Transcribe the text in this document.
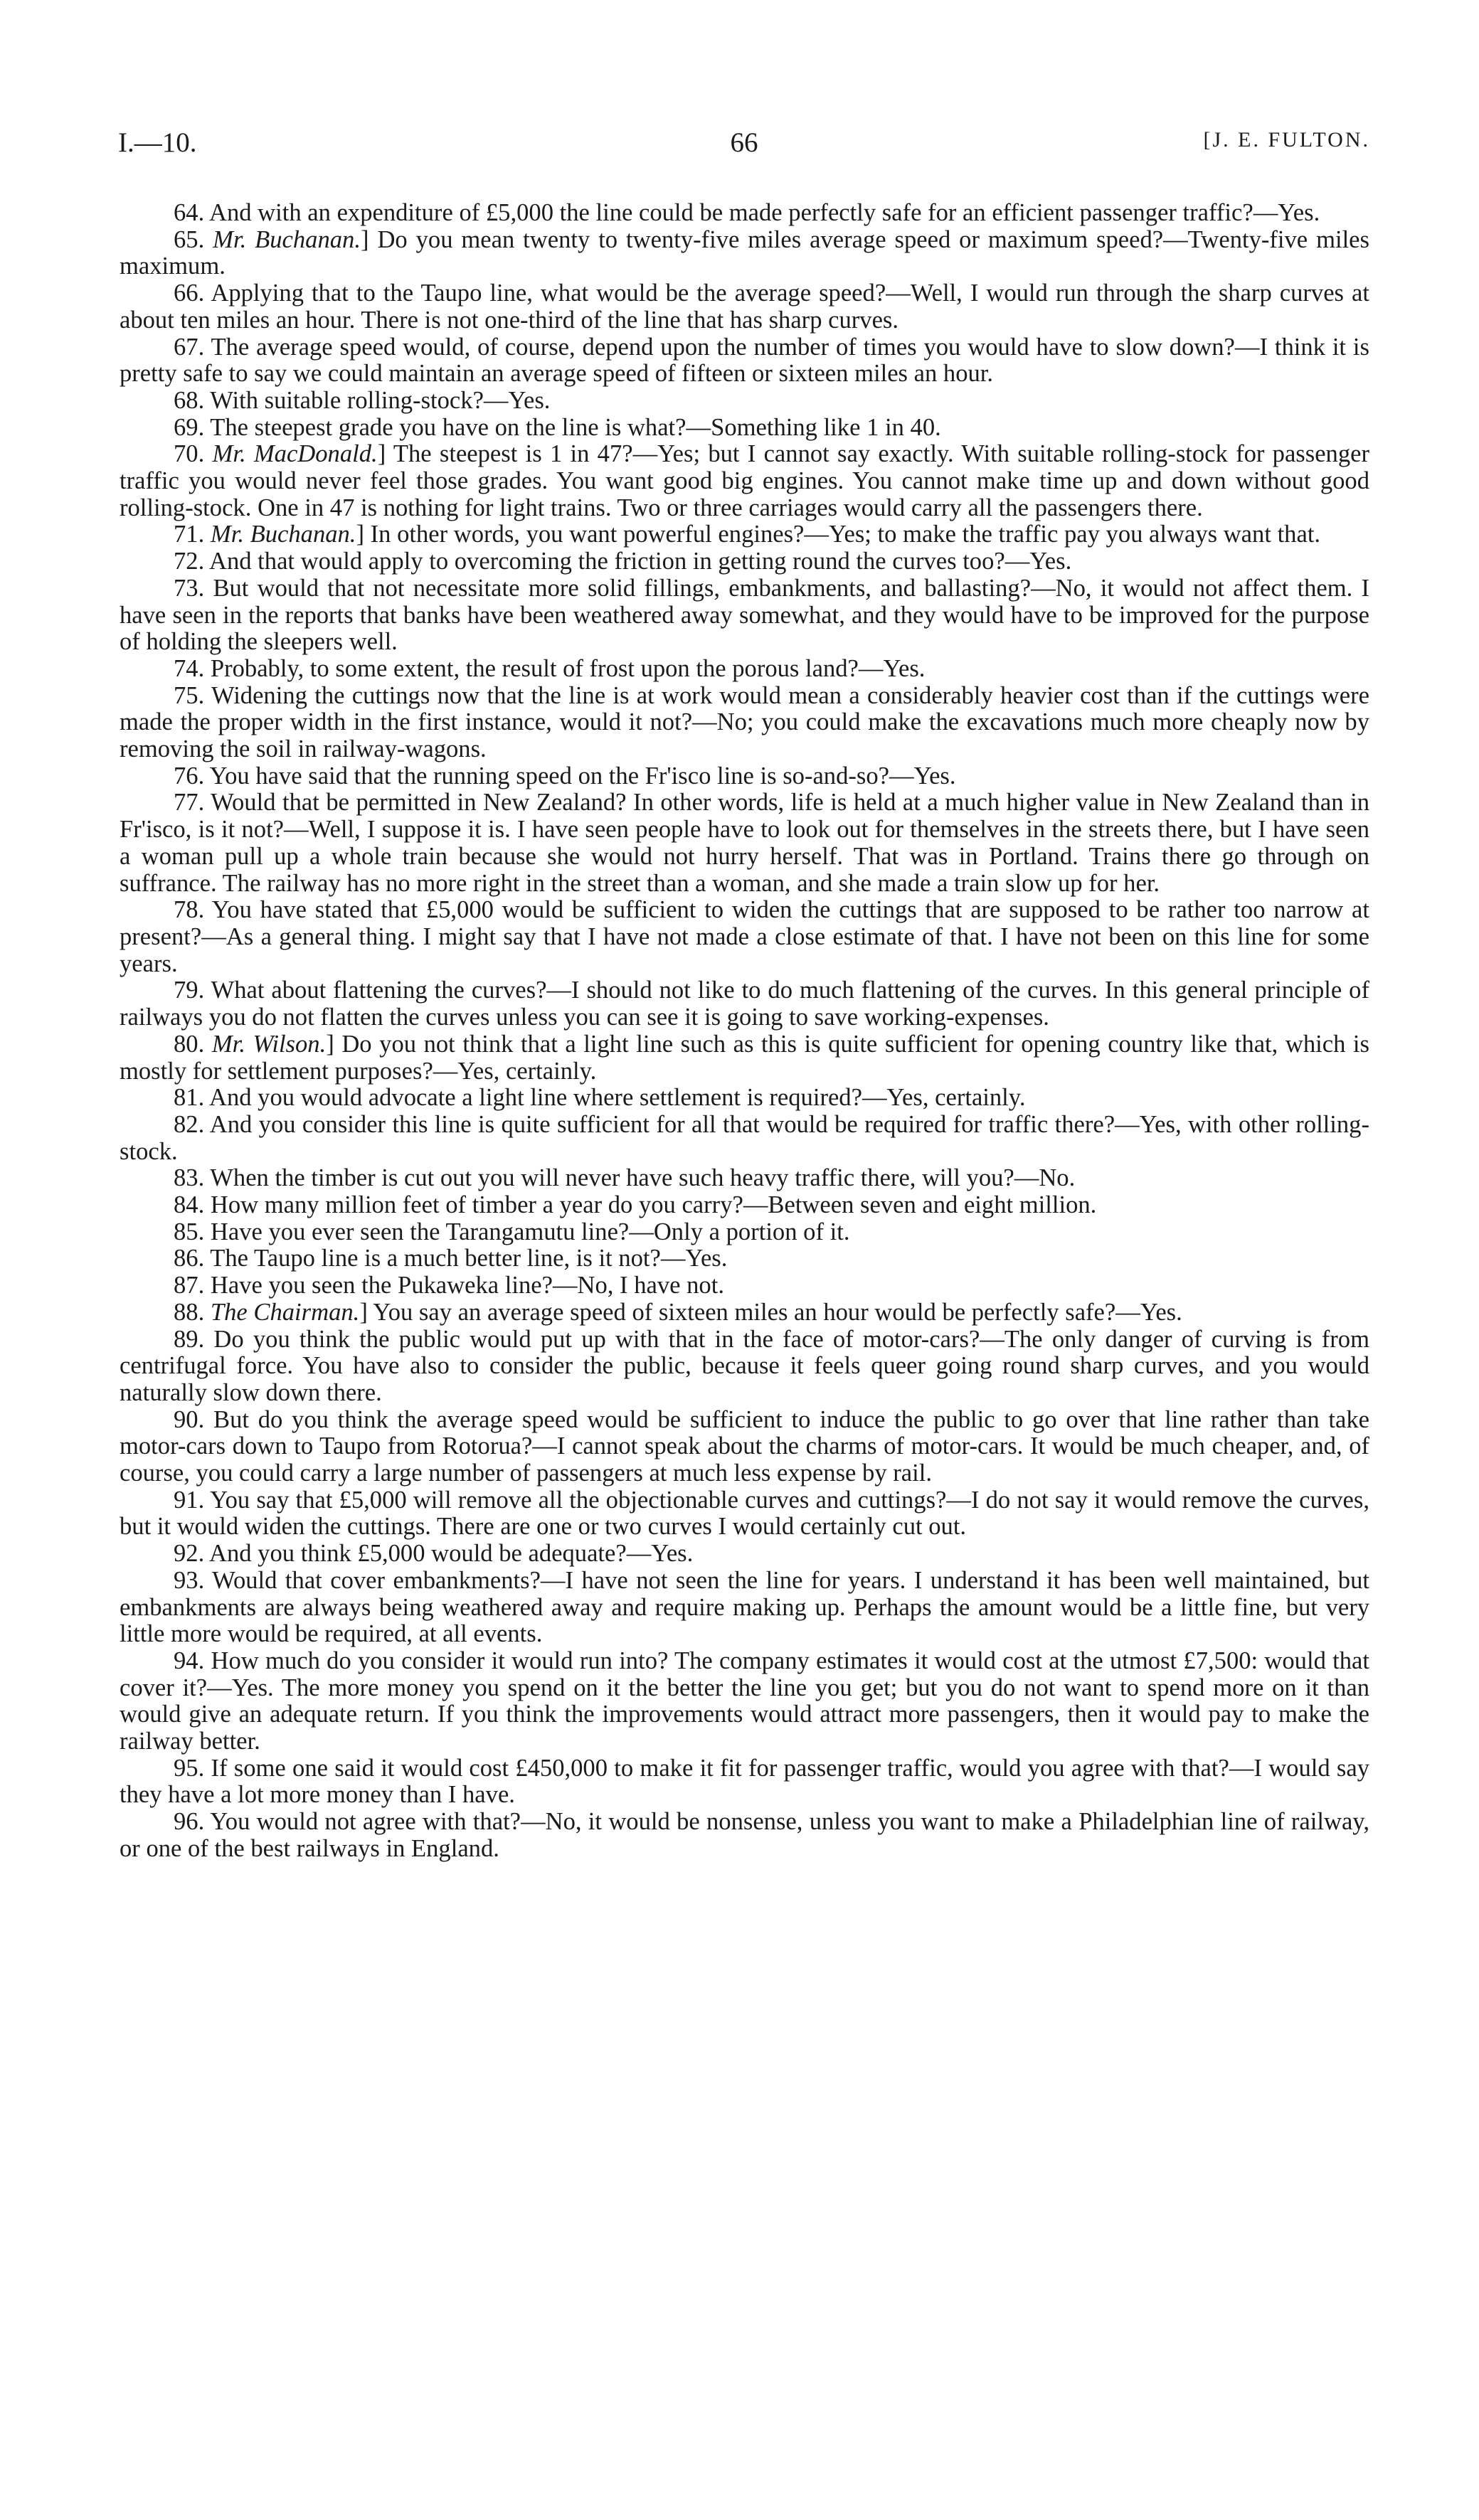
I.—10.	66	[J. E. FULTON.

64. And with an expenditure of £5,000 the line could be made perfectly safe for an efficient passenger traffic?—Yes.

65. Mr. Buchanan.] Do you mean twenty to twenty-five miles average speed or maximum speed?—Twenty-five miles maximum.

66. Applying that to the Taupo line, what would be the average speed?—Well, I would run through the sharp curves at about ten miles an hour. There is not one-third of the line that has sharp curves.

67. The average speed would, of course, depend upon the number of times you would have to slow down?—I think it is pretty safe to say we could maintain an average speed of fifteen or sixteen miles an hour.

68. With suitable rolling-stock?—Yes.

69. The steepest grade you have on the line is what?—Something like 1 in 40.

70. Mr. MacDonald.] The steepest is 1 in 47?—Yes; but I cannot say exactly. With suitable rolling-stock for passenger traffic you would never feel those grades. You want good big engines. You cannot make time up and down without good rolling-stock. One in 47 is nothing for light trains. Two or three carriages would carry all the passengers there.

71. Mr. Buchanan.] In other words, you want powerful engines?—Yes; to make the traffic pay you always want that.

72. And that would apply to overcoming the friction in getting round the curves too?—Yes.

73. But would that not necessitate more solid fillings, embankments, and ballasting?—No, it would not affect them. I have seen in the reports that banks have been weathered away somewhat, and they would have to be improved for the purpose of holding the sleepers well.

74. Probably, to some extent, the result of frost upon the porous land?—Yes.

75. Widening the cuttings now that the line is at work would mean a considerably heavier cost than if the cuttings were made the proper width in the first instance, would it not?—No; you could make the excavations much more cheaply now by removing the soil in railway-wagons.

76. You have said that the running speed on the Fr'isco line is so-and-so?—Yes.

77. Would that be permitted in New Zealand? In other words, life is held at a much higher value in New Zealand than in Fr'isco, is it not?—Well, I suppose it is. I have seen people have to look out for themselves in the streets there, but I have seen a woman pull up a whole train because she would not hurry herself. That was in Portland. Trains there go through on suffrance. The railway has no more right in the street than a woman, and she made a train slow up for her.

78. You have stated that £5,000 would be sufficient to widen the cuttings that are supposed to be rather too narrow at present?—As a general thing. I might say that I have not made a close estimate of that. I have not been on this line for some years.

79. What about flattening the curves?—I should not like to do much flattening of the curves. In this general principle of railways you do not flatten the curves unless you can see it is going to save working-expenses.

80. Mr. Wilson.] Do you not think that a light line such as this is quite sufficient for opening country like that, which is mostly for settlement purposes?—Yes, certainly.

81. And you would advocate a light line where settlement is required?—Yes, certainly.

82. And you consider this line is quite sufficient for all that would be required for traffic there?—Yes, with other rolling-stock.

83. When the timber is cut out you will never have such heavy traffic there, will you?—No.

84. How many million feet of timber a year do you carry?—Between seven and eight million.

85. Have you ever seen the Tarangamutu line?—Only a portion of it.

86. The Taupo line is a much better line, is it not?—Yes.

87. Have you seen the Pukaweka line?—No, I have not.

88. The Chairman.] You say an average speed of sixteen miles an hour would be perfectly safe?—Yes.

89. Do you think the public would put up with that in the face of motor-cars?—The only danger of curving is from centrifugal force. You have also to consider the public, because it feels queer going round sharp curves, and you would naturally slow down there.

90. But do you think the average speed would be sufficient to induce the public to go over that line rather than take motor-cars down to Taupo from Rotorua?—I cannot speak about the charms of motor-cars. It would be much cheaper, and, of course, you could carry a large number of passengers at much less expense by rail.

91. You say that £5,000 will remove all the objectionable curves and cuttings?—I do not say it would remove the curves, but it would widen the cuttings. There are one or two curves I would certainly cut out.

92. And you think £5,000 would be adequate?—Yes.

93. Would that cover embankments?—I have not seen the line for years. I understand it has been well maintained, but embankments are always being weathered away and require making up. Perhaps the amount would be a little fine, but very little more would be required, at all events.

94. How much do you consider it would run into? The company estimates it would cost at the utmost £7,500: would that cover it?—Yes. The more money you spend on it the better the line you get; but you do not want to spend more on it than would give an adequate return. If you think the improvements would attract more passengers, then it would pay to make the railway better.

95. If some one said it would cost £450,000 to make it fit for passenger traffic, would you agree with that?—I would say they have a lot more money than I have.

96. You would not agree with that?—No, it would be nonsense, unless you want to make a Philadelphian line of railway, or one of the best railways in England.
